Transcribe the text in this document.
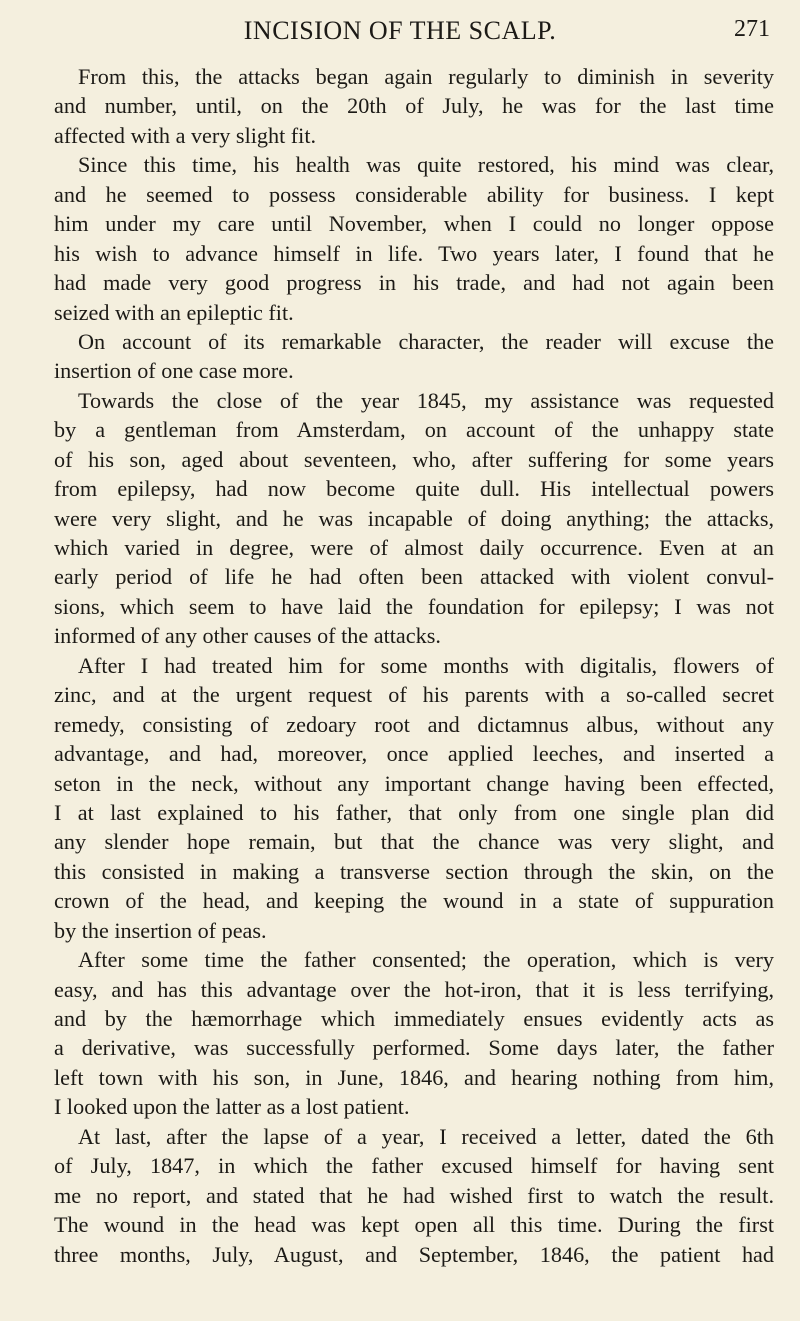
INCISION OF THE SCALP.	271
From this, the attacks began again regularly to diminish in severity
and number, until, on the 20th of July, he was for the last time
affected with a very slight fit.
Since this time, his health was quite restored, his mind was clear,
and he seemed to possess considerable ability for business. I kept
him under my care until November, when I could no longer oppose
his wish to advance himself in life. Two years later, I found that he
had made very good progress in his trade, and had not again been
seized with an epileptic fit.
On account of its remarkable character, the reader will excuse the
insertion of one case more.
Towards the close of the year 1845, my assistance was requested
by a gentleman from Amsterdam, on account of the unhappy state
of his son, aged about seventeen, who, after suffering for some years
from epilepsy, had now become quite dull. His intellectual powers
were very slight, and he was incapable of doing anything; the attacks,
which varied in degree, were of almost daily occurrence. Even at an
early period of life he had often been attacked with violent convul-
sions, which seem to have laid the foundation for epilepsy; I was not
informed of any other causes of the attacks.
After I had treated him for some months with digitalis, flowers of
zinc, and at the urgent request of his parents with a so-called secret
remedy, consisting of zedoary root and dictamnus albus, without any
advantage, and had, moreover, once applied leeches, and inserted a
seton in the neck, without any important change having been effected,
I at last explained to his father, that only from one single plan did
any slender hope remain, but that the chance was very slight, and
this consisted in making a transverse section through the skin, on the
crown of the head, and keeping the wound in a state of suppuration
by the insertion of peas.
After some time the father consented; the operation, which is very
easy, and has this advantage over the hot-iron, that it is less terrifying,
and by the hæmorrhage which immediately ensues evidently acts as
a derivative, was successfully performed. Some days later, the father
left town with his son, in June, 1846, and hearing nothing from him,
I looked upon the latter as a lost patient.
At last, after the lapse of a year, I received a letter, dated the 6th
of July, 1847, in which the father excused himself for having sent
me no report, and stated that he had wished first to watch the result.
The wound in the head was kept open all this time. During the first
three months, July, August, and September, 1846, the patient had
